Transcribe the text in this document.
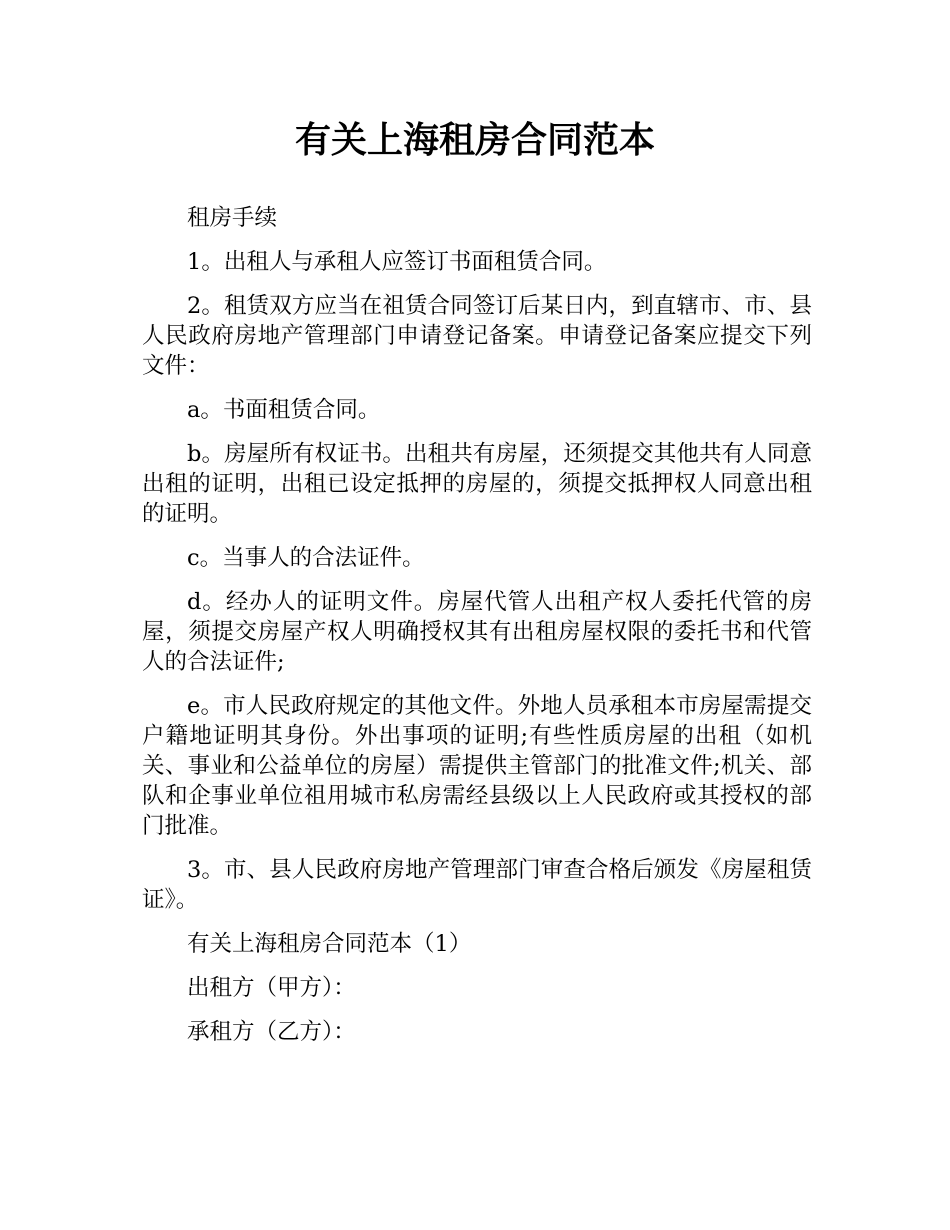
有关上海租房合同范本

租房手续

1。出租人与承租人应签订书面租赁合同。

2。租赁双方应当在祖赁合同签订后某日内，到直辖市、市、县人民政府房地产管理部门申请登记备案。申请登记备案应提交下列文件：

a。书面租赁合同。

b。房屋所有权证书。出租共有房屋，还须提交其他共有人同意出租的证明，出租已设定抵押的房屋的，须提交抵押权人同意出租的证明。

c。当事人的合法证件。

d。经办人的证明文件。房屋代管人出租产权人委托代管的房屋，须提交房屋产权人明确授权其有出租房屋权限的委托书和代管人的合法证件;

e。市人民政府规定的其他文件。外地人员承租本市房屋需提交户籍地证明其身份。外出事项的证明;有些性质房屋的出租（如机关、事业和公益单位的房屋）需提供主管部门的批准文件;机关、部队和企事业单位祖用城市私房需经县级以上人民政府或其授权的部门批准。

3。市、县人民政府房地产管理部门审查合格后颁发《房屋租赁证》。

有关上海租房合同范本（1）

出租方（甲方）：

承租方（乙方）：
